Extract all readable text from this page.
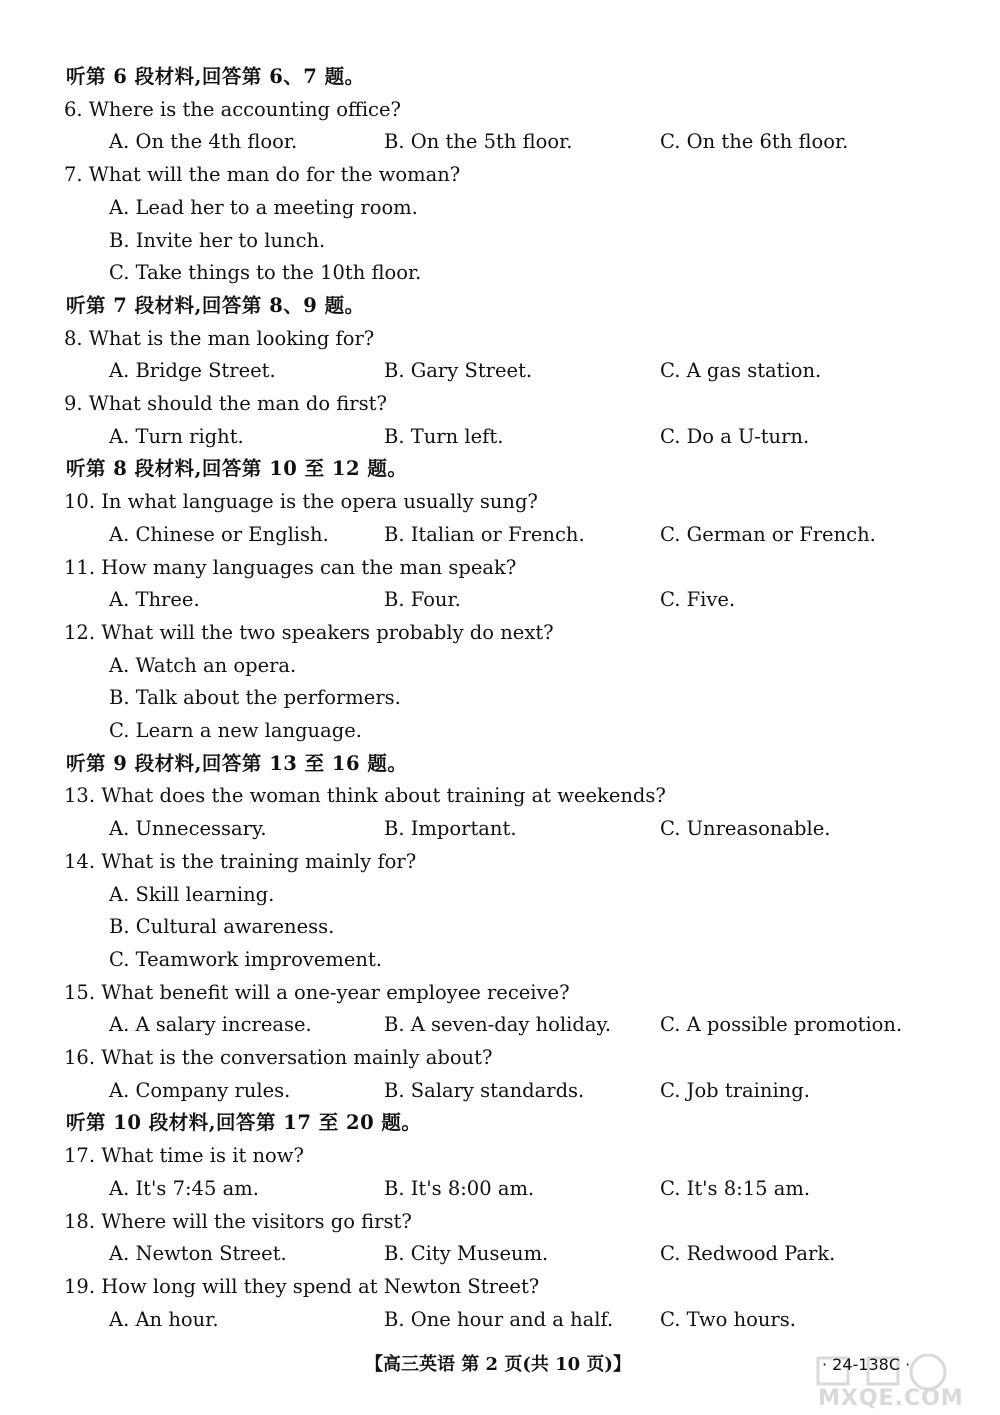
听第 6 段材料,回答第 6、7 题。
6. Where is the accounting office?
A. On the 4th floor.	B. On the 5th floor.	C. On the 6th floor.
7. What will the man do for the woman?
A. Lead her to a meeting room.
B. Invite her to lunch.
C. Take things to the 10th floor.
听第 7 段材料,回答第 8、9 题。
8. What is the man looking for?
A. Bridge Street.	B. Gary Street.	C. A gas station.
9. What should the man do first?
A. Turn right.	B. Turn left.	C. Do a U-turn.
听第 8 段材料,回答第 10 至 12 题。
10. In what language is the opera usually sung?
A. Chinese or English.	B. Italian or French.	C. German or French.
11. How many languages can the man speak?
A. Three.	B. Four.	C. Five.
12. What will the two speakers probably do next?
A. Watch an opera.
B. Talk about the performers.
C. Learn a new language.
听第 9 段材料,回答第 13 至 16 题。
13. What does the woman think about training at weekends?
A. Unnecessary.	B. Important.	C. Unreasonable.
14. What is the training mainly for?
A. Skill learning.
B. Cultural awareness.
C. Teamwork improvement.
15. What benefit will a one-year employee receive?
A. A salary increase.	B. A seven-day holiday.	C. A possible promotion.
16. What is the conversation mainly about?
A. Company rules.	B. Salary standards.	C. Job training.
听第 10 段材料,回答第 17 至 20 题。
17. What time is it now?
A. It's 7:45 am.	B. It's 8:00 am.	C. It's 8:15 am.
18. Where will the visitors go first?
A. Newton Street.	B. City Museum.	C. Redwood Park.
19. How long will they spend at Newton Street?
A. An hour.	B. One hour and a half. C. Two hours.
【高三英语 第 2 页(共 10 页)】	· 24-138C ·
MXQE.COM
